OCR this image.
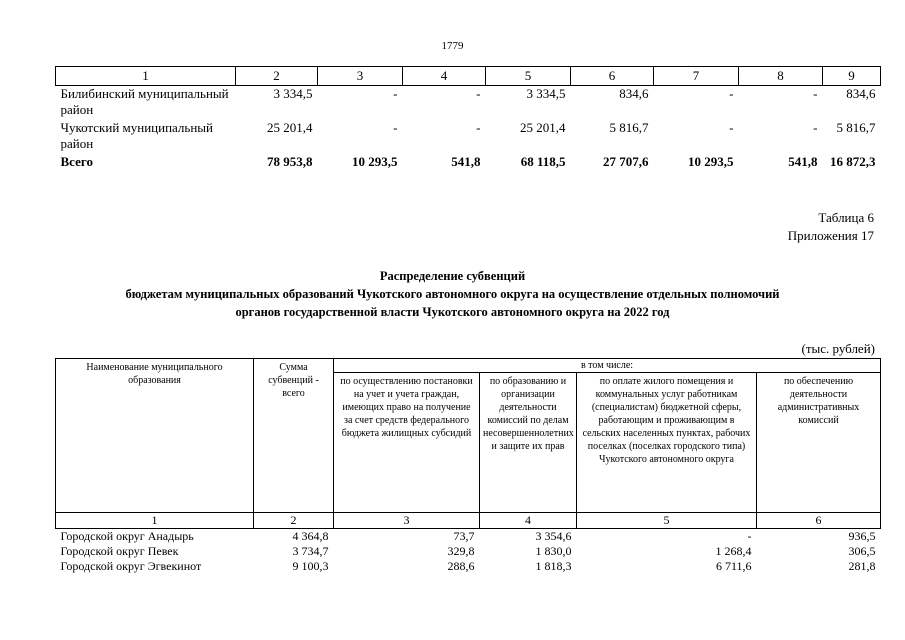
1779
1	2	3	4	5	6	7	8	9
Билибинский муниципальный район	3 334,5	-	-	3 334,5	834,6	-	-	834,6
Чукотский муниципальный район	25 201,4	-	-	25 201,4	5 816,7	-	-	5 816,7
Всего	78 953,8	10 293,5	541,8	68 118,5	27 707,6	10 293,5	541,8	16 872,3
Таблица 6
Приложения 17
Распределение субвенций
бюджетам муниципальных образований Чукотского автономного округа на осуществление отдельных полномочий
органов государственной власти Чукотского автономного округа на 2022 год
(тыс. рублей)
Наименование муниципального образования	Сумма субвенций - всего	в том числе:			
		по осуществлению постановки на учет и учета граждан, имеющих право на получение за счет средств федерального бюджета жилищных субсидий	по образованию и организации деятельности комиссий по делам несовершеннолетних и защите их прав	по оплате жилого помещения и коммунальных услуг работникам (специалистам) бюджетной сферы, работающим и проживающим в сельских населенных пунктах, рабочих поселках (поселках городского типа) Чукотского автономного округа	по обеспечению деятельности административных комиссий
1	2	3	4	5	6
Городской округ Анадырь	4 364,8	73,7	3 354,6	-	936,5
Городской округ Певек	3 734,7	329,8	1 830,0	1 268,4	306,5
Городской округ Эгвекинот	9 100,3	288,6	1 818,3	6 711,6	281,8
